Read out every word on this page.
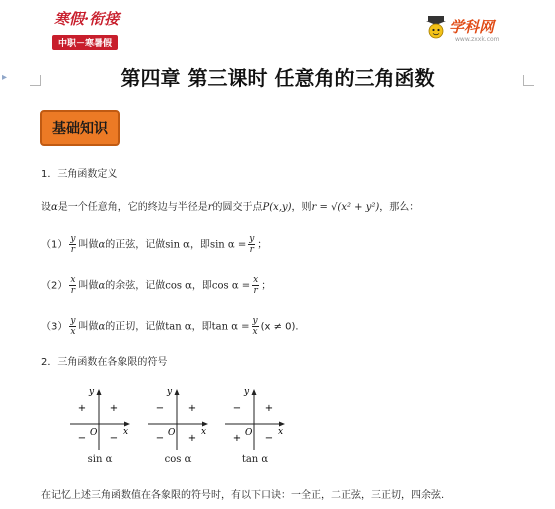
寒假·衔接
中职－寒暑假
学科网
www.zxxk.com
▸	第四章 第三课时 任意角的三角函数
基础知识
1．三角函数定义
设α是一个任意角，它的终边与半径是r的圆交于点P(x,y)，则r = √(x² + y²)，那么：
$(1) \frac{y}{r}$ 叫做α的正弦，记做sin α，即$\sin \alpha = \frac{y}{r}$ ；
$(2) \frac{x}{r}$ 叫做α的余弦，记做cos α，即$\cos \alpha = \frac{x}{r}$ ；
$(3) \frac{y}{x}$ 叫做α的正切，记做tan α，即$\tan \alpha = \frac{y}{x} (x \ne 0)$．
2．三角函数在各象限的符号
y
x
O
+
+
− −
sin α
y
x
O
+
−
− +
cos α
y
x
O
+
−
+ −
tan α
在记忆上述三角函数值在各象限的符号时，有以下口诀：一全正，二正弦，三正切，四余弦.
